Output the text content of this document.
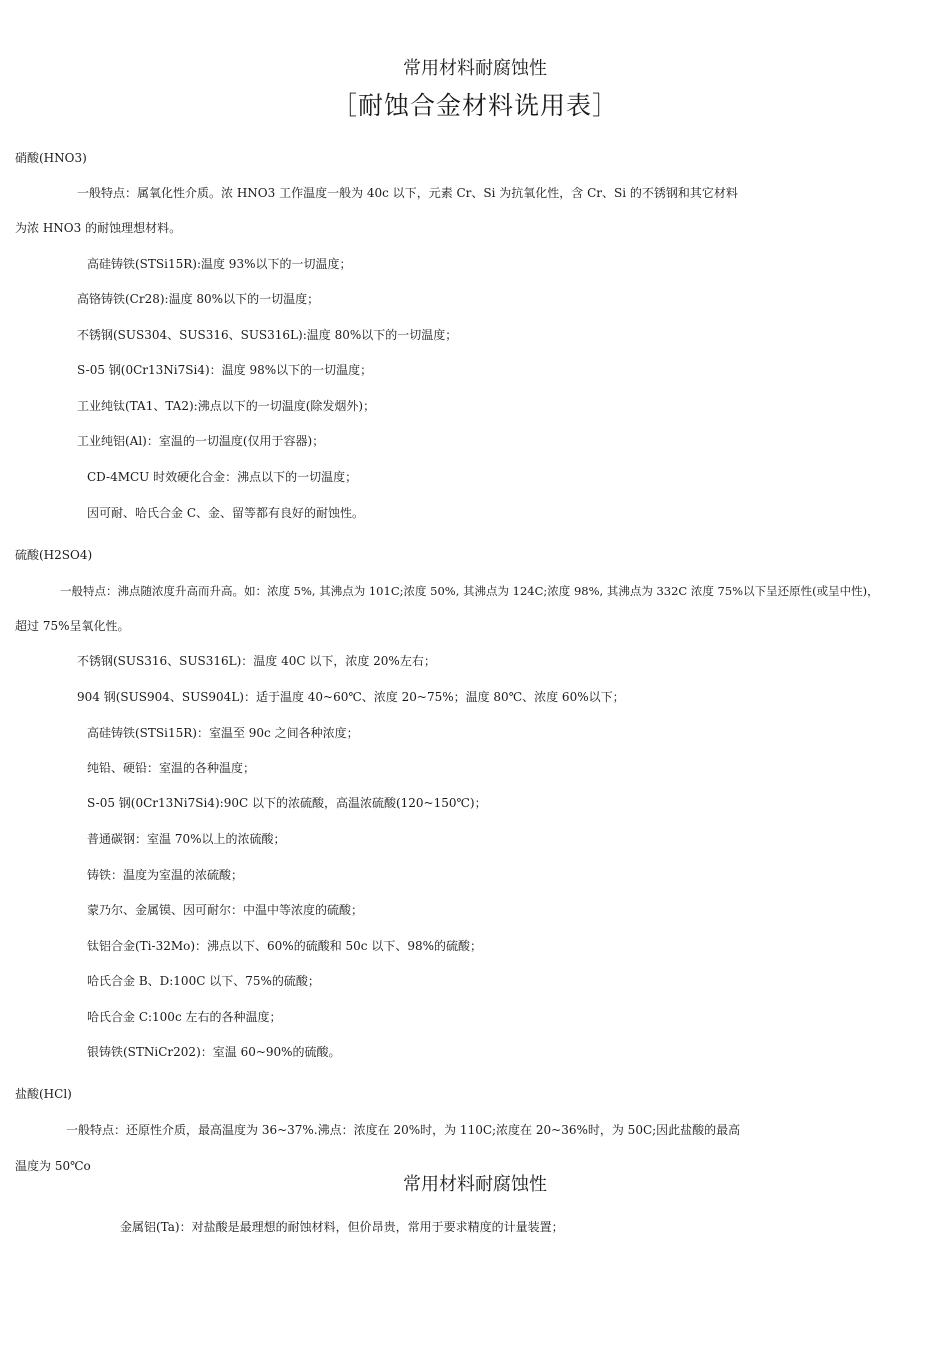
常用材料耐腐蚀性
［耐蚀合金材料诜用表］
硝酸(HNO3)
一般特点：属氧化性介质。浓 HNO3 工作温度一般为 40c 以下，元素 Cr、Si 为抗氧化性，含 Cr、Si 的不锈钢和其它材料
为浓 HNO3 的耐蚀理想材料。
高硅铸铁(STSi15R):温度 93%以下的一切温度；
高铬铸铁(Cr28):温度 80%以下的一切温度；
不锈钢(SUS304、SUS316、SUS316L):温度 80%以下的一切温度；
S-05 钢(0Cr13Ni7Si4)：温度 98%以下的一切温度；
工业纯钛(TA1、TA2):沸点以下的一切温度(除发烟外)；
工业纯铝(Al)：室温的一切温度(仅用于容器)；
CD-4MCU 时效硬化合金：沸点以下的一切温度；
因可耐、哈氏合金 C、金、留等都有良好的耐蚀性。
硫酸(H2SO4)
一般特点：沸点随浓度升高而升高。如：浓度 5%, 其沸点为 101C;浓度 50%, 其沸点为 124C;浓度 98%, 其沸点为 332C 浓度 75%以下呈还原性(或呈中性)，
超过 75%呈氧化性。
不锈钢(SUS316、SUS316L)：温度 40C 以下，浓度 20%左右；
904 钢(SUS904、SUS904L)：适于温度 40~60℃、浓度 20~75%；温度 80℃、浓度 60%以下；
高硅铸铁(STSi15R)：室温至 90c 之间各种浓度；
纯铅、硬铅：室温的各种温度；
S-05 钢(0Cr13Ni7Si4):90C 以下的浓硫酸，高温浓硫酸(120~150℃)；
普通碳钢：室温 70%以上的浓硫酸；
铸铁：温度为室温的浓硫酸；
蒙乃尔、金属镆、因可耐尔：中温中等浓度的硫酸；
钛铝合金(Ti-32Mo)：沸点以下、60%的硫酸和 50c 以下、98%的硫酸；
哈氏合金 B、D:100C 以下、75%的硫酸；
哈氏合金 C:100c 左右的各种温度；
银铸铁(STNiCr202)：室温 60~90%的硫酸。
盐酸(HCl)
一般特点：还原性介质，最高温度为 36~37%.沸点：浓度在 20%时，为 110C;浓度在 20~36%时，为 50C;因此盐酸的最高
温度为 50℃o
常用材料耐腐蚀性
金属铝(Ta)：对盐酸是最理想的耐蚀材料，但价昂贵，常用于要求精度的计量装置；
